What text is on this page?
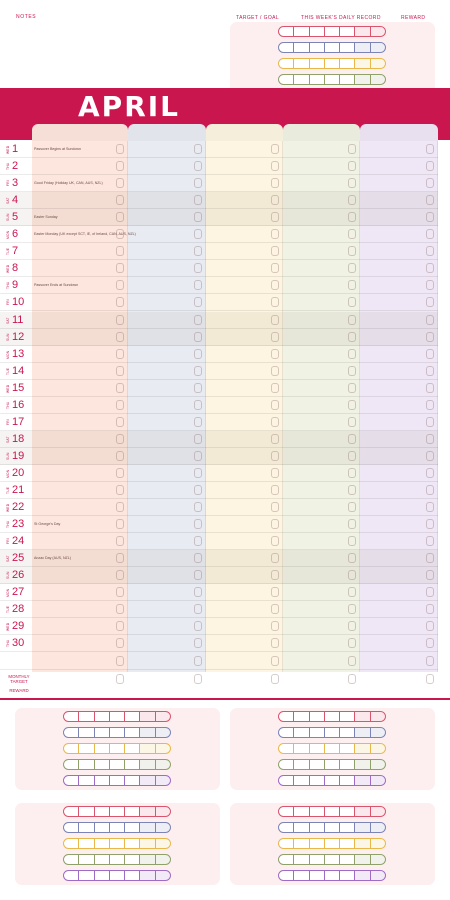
NOTES	TARGET / GOAL	THIS WEEK'S DAILY RECORD	REWARD
APRIL
WED 1	Passover Begins at Sundown
THU 2
FRI 3	Good Friday (Holiday UK, CAN, AUS, NZL)
SAT 4
SUN 5	Easter Sunday
MON 6	Easter Monday (UK except SCT, IE, of Ireland, CAN, AUS, NZL)
TUE 7
WED 8
THU 9	Passover Ends at Sundown
FRI 10
SAT 11
SUN 12
MON 13
TUE 14
WED 15
THU 16
FRI 17
SAT 18
SUN 19
MON 20
TUE 21
WED 22
THU 23	St George's Day
FRI 24
SAT 25	Anzac Day (AUS, NZL)
SUN 26
MON 27
TUE 28
WED 29
THU 30
MONTHLY TARGET
REWARD
TARGET / GOAL	THIS WEEK'S DAILY RECORD	REWARD	TARGET / GOAL	THIS WEEK'S DAILY RECORD	REWARD
